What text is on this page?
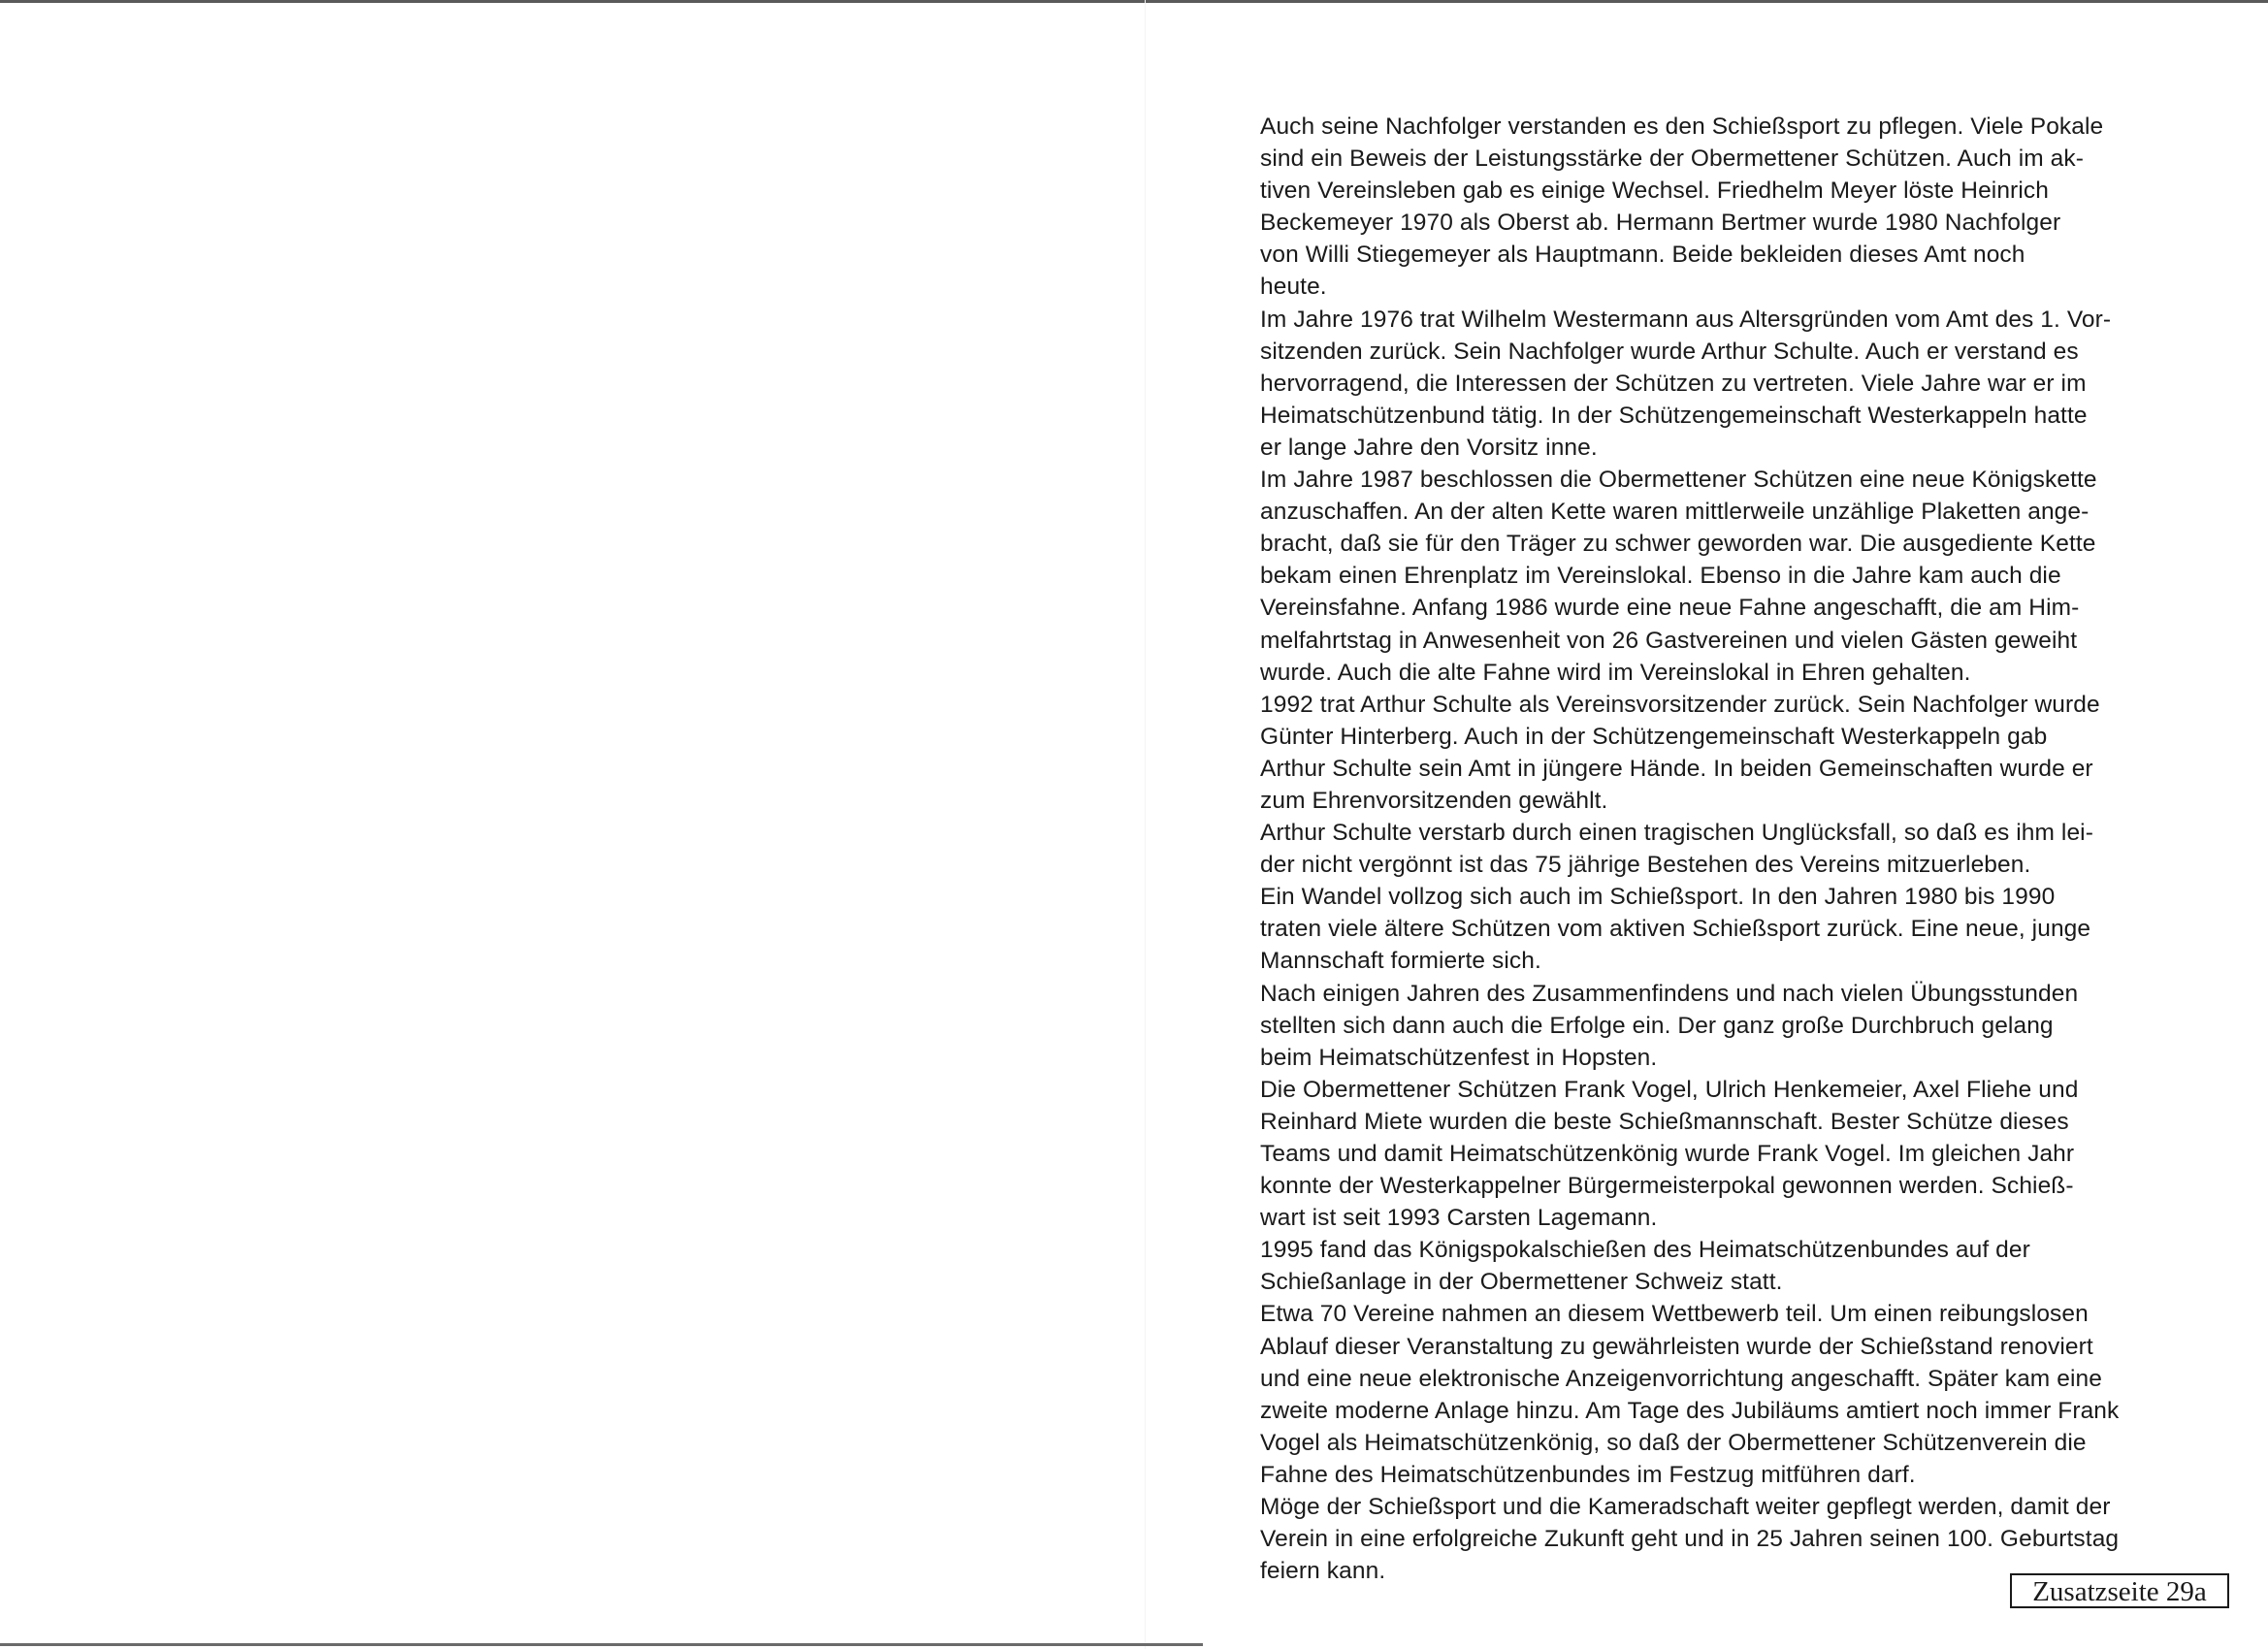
Auch seine Nachfolger verstanden es den Schießsport zu pflegen. Viele Pokale
sind ein Beweis der Leistungsstärke der Obermettener Schützen. Auch im ak-
tiven Vereinsleben gab es einige Wechsel. Friedhelm Meyer löste Heinrich
Beckemeyer 1970 als Oberst ab. Hermann Bertmer wurde 1980 Nachfolger
von Willi Stiegemeyer als Hauptmann. Beide bekleiden dieses Amt noch
heute.
Im Jahre 1976 trat Wilhelm Westermann aus Altersgründen vom Amt des 1. Vor-
sitzenden zurück. Sein Nachfolger wurde Arthur Schulte. Auch er verstand es
hervorragend, die Interessen der Schützen zu vertreten. Viele Jahre war er im
Heimatschützenbund tätig. In der Schützengemeinschaft Westerkappeln hatte
er lange Jahre den Vorsitz inne.
Im Jahre 1987 beschlossen die Obermettener Schützen eine neue Königskette
anzuschaffen. An der alten Kette waren mittlerweile unzählige Plaketten ange-
bracht, daß sie für den Träger zu schwer geworden war. Die ausgediente Kette
bekam einen Ehrenplatz im Vereinslokal. Ebenso in die Jahre kam auch die
Vereinsfahne. Anfang 1986 wurde eine neue Fahne angeschafft, die am Him-
melfahrtstag in Anwesenheit von 26 Gastvereinen und vielen Gästen geweiht
wurde. Auch die alte Fahne wird im Vereinslokal in Ehren gehalten.
1992 trat Arthur Schulte als Vereinsvorsitzender zurück. Sein Nachfolger wurde
Günter Hinterberg. Auch in der Schützengemeinschaft Westerkappeln gab
Arthur Schulte sein Amt in jüngere Hände. In beiden Gemeinschaften wurde er
zum Ehrenvorsitzenden gewählt.
Arthur Schulte verstarb durch einen tragischen Unglücksfall, so daß es ihm lei-
der nicht vergönnt ist das 75 jährige Bestehen des Vereins mitzuerleben.
Ein Wandel vollzog sich auch im Schießsport. In den Jahren 1980 bis 1990
traten viele ältere Schützen vom aktiven Schießsport zurück. Eine neue, junge
Mannschaft formierte sich.
Nach einigen Jahren des Zusammenfindens und nach vielen Übungsstunden
stellten sich dann auch die Erfolge ein. Der ganz große Durchbruch gelang
beim Heimatschützenfest in Hopsten.
Die Obermettener Schützen Frank Vogel, Ulrich Henkemeier, Axel Fliehe und
Reinhard Miete wurden die beste Schießmannschaft. Bester Schütze dieses
Teams und damit Heimatschützenkönig wurde Frank Vogel. Im gleichen Jahr
konnte der Westerkappelner Bürgermeisterpokal gewonnen werden. Schieß-
wart ist seit 1993 Carsten Lagemann.
1995 fand das Königspokalschießen des Heimatschützenbundes auf der
Schießanlage in der Obermettener Schweiz statt.
Etwa 70 Vereine nahmen an diesem Wettbewerb teil. Um einen reibungslosen
Ablauf dieser Veranstaltung zu gewährleisten wurde der Schießstand renoviert
und eine neue elektronische Anzeigenvorrichtung angeschafft. Später kam eine
zweite moderne Anlage hinzu. Am Tage des Jubiläums amtiert noch immer Frank
Vogel als Heimatschützenkönig, so daß der Obermettener Schützenverein die
Fahne des Heimatschützenbundes im Festzug mitführen darf.
Möge der Schießsport und die Kameradschaft weiter gepflegt werden, damit der
Verein in eine erfolgreiche Zukunft geht und in 25 Jahren seinen 100. Geburtstag
feiern kann.
Zusatzseite 29a
